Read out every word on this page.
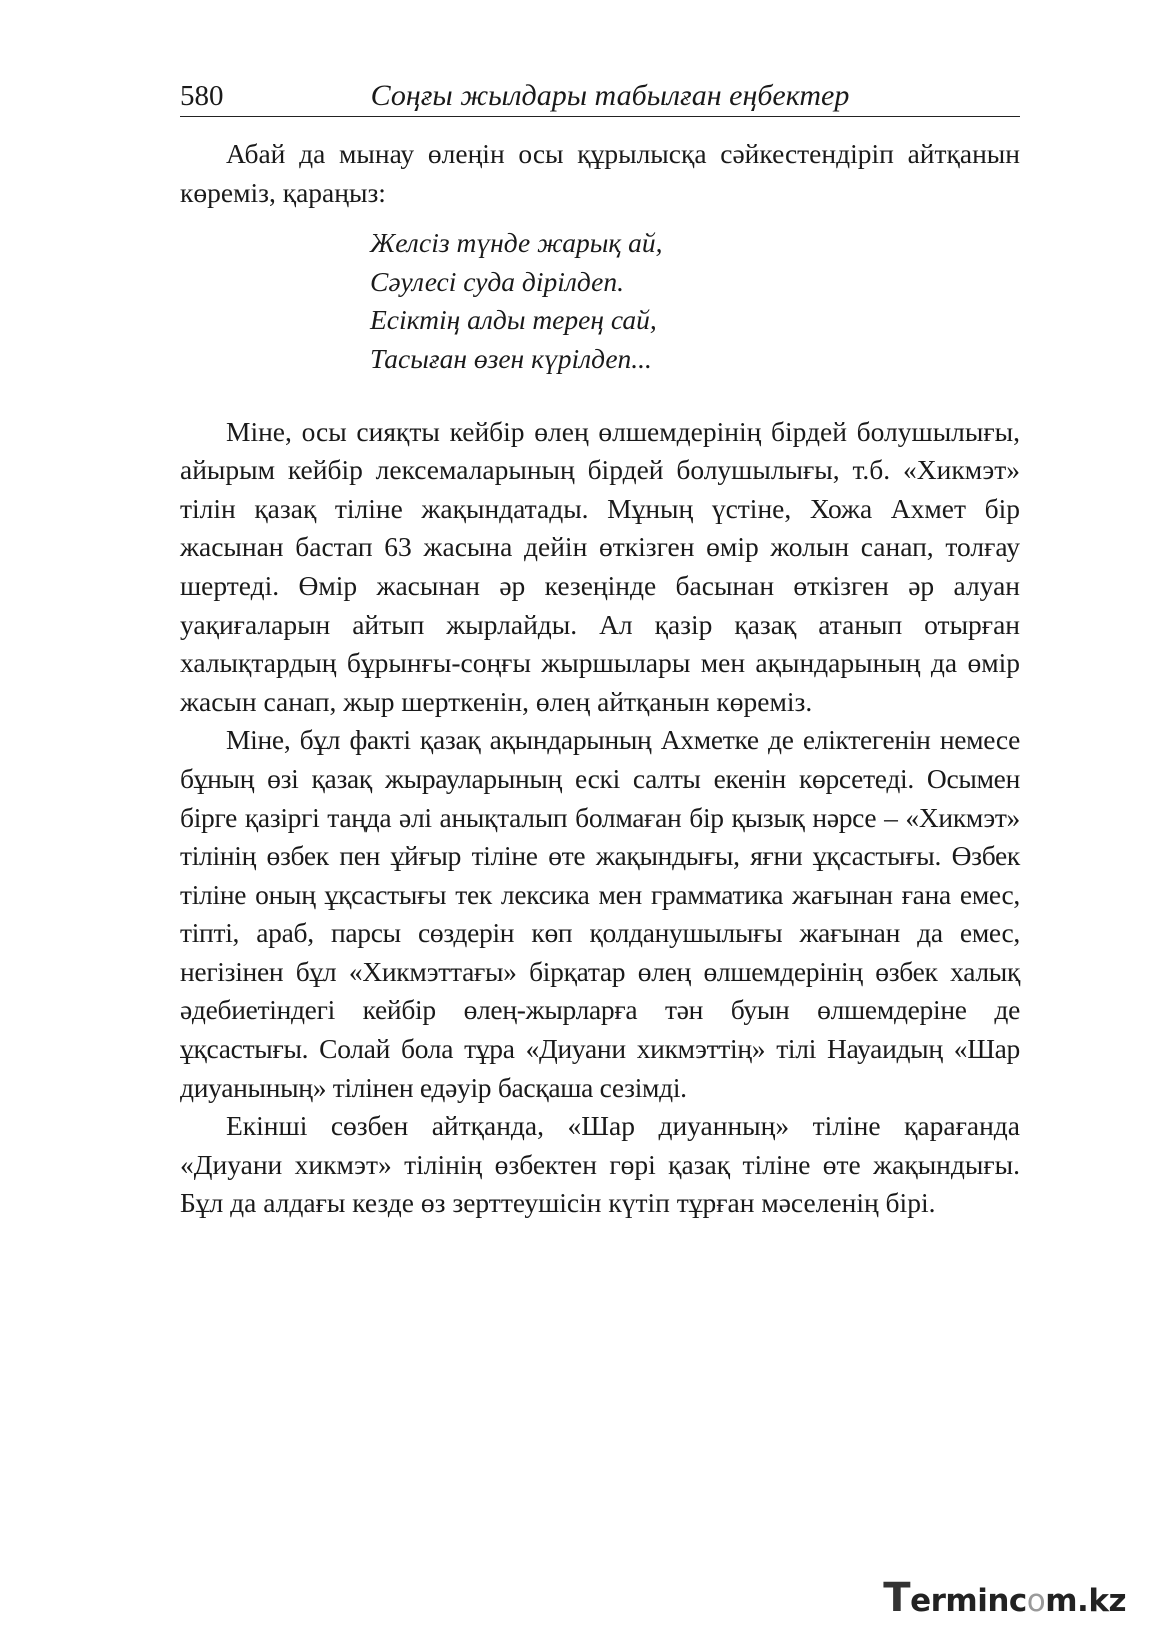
580	Соңғы жылдары табылған еңбектер

Абай да мынау өлеңін осы құрылысқа сәйкестендіріп айтқанын көреміз, қараңыз:

Желсіз түнде жарық ай,
Сәулесі суда дірілдеп.
Есіктің алды терең сай,
Тасыған өзен күрілдеп...

Міне, осы сияқты кейбір өлең өлшемдерінің бірдей болушылығы, айырым кейбір лексемаларының бірдей болушылығы, т.б. «Хикмэт» тілін қазақ тіліне жақындатады. Мұның үстіне, Хожа Ахмет бір жасынан бастап 63 жасына дейін өткізген өмір жолын санап, толғау шертеді. Өмір жасынан әр кезеңінде басынан өткізген әр алуан уақиғаларын айтып жырлайды. Ал қазір қазақ атанып отырған халықтардың бұрынғы-соңғы жыршылары мен ақындарының да өмір жасын санап, жыр шерткенін, өлең айтқанын көреміз.

Міне, бұл факті қазақ ақындарының Ахметке де еліктегенін немесе бұның өзі қазақ жырауларының ескі салты екенін көрсетеді. Осымен бірге қазіргі таңда әлі анықталып болмаған бір қызық нәрсе – «Хикмэт» тілінің өзбек пен ұйғыр тіліне өте жақындығы, яғни ұқсастығы. Өзбек тіліне оның ұқсастығы тек лексика мен грамматика жағынан ғана емес, тіпті, араб, парсы сөздерін көп қолданушылығы жағынан да емес, негізінен бұл «Хикмэттағы» бірқатар өлең өлшемдерінің өзбек халық әдебиетіндегі кейбір өлең-жырларға тән буын өлшемдеріне де ұқсастығы. Солай бола тұра «Диуани хикмэттің» тілі Науаидың «Шар диуанының» тілінен едәуір басқаша сезімді.

Екінші сөзбен айтқанда, «Шар диуанның» тіліне қарағанда «Диуани хикмэт» тілінің өзбектен гөрі қазақ тіліне өте жақындығы. Бұл да алдағы кезде өз зерттеушісін күтіп тұрған мәселенің бірі.

Termincom.kz
